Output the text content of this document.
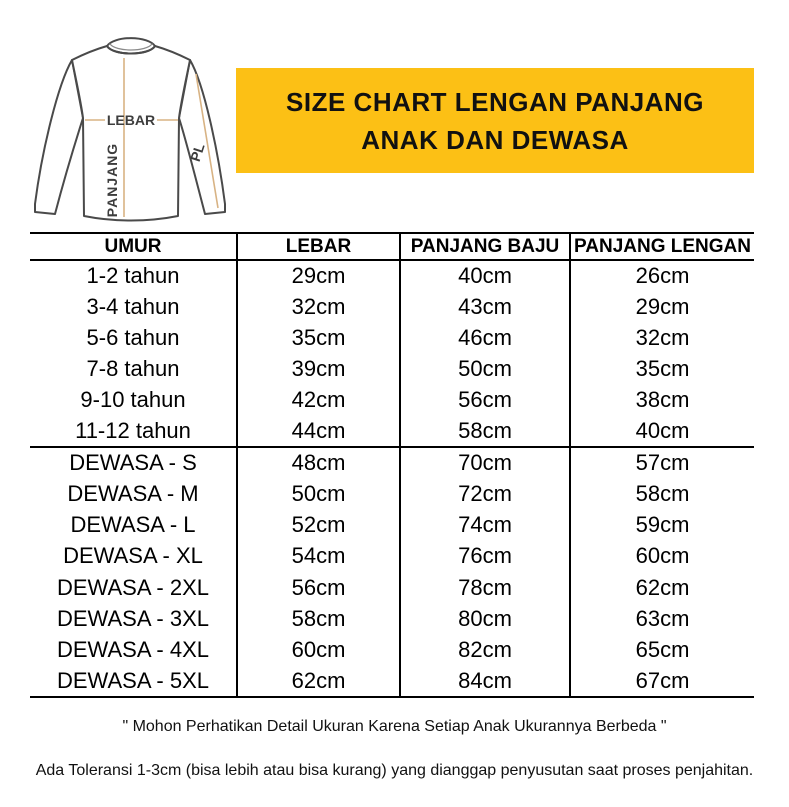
LEBAR
PANJANG	PL
SIZE CHART LENGAN PANJANG
ANAK DAN DEWASA
UMUR	LEBAR	PANJANG BAJU	PANJANG LENGAN
1-2 tahun	29cm	40cm	26cm
3-4 tahun	32cm	43cm	29cm
5-6 tahun	35cm	46cm	32cm
7-8 tahun	39cm	50cm	35cm
9-10 tahun	42cm	56cm	38cm
11-12 tahun	44cm	58cm	40cm
DEWASA - S	48cm	70cm	57cm
DEWASA - M	50cm	72cm	58cm
DEWASA - L	52cm	74cm	59cm
DEWASA - XL	54cm	76cm	60cm
DEWASA - 2XL	56cm	78cm	62cm
DEWASA - 3XL	58cm	80cm	63cm
DEWASA - 4XL	60cm	82cm	65cm
DEWASA - 5XL	62cm	84cm	67cm
" Mohon Perhatikan Detail Ukuran Karena Setiap Anak Ukurannya Berbeda "
Ada Toleransi 1-3cm (bisa lebih atau bisa kurang) yang dianggap penyusutan saat proses penjahitan.
